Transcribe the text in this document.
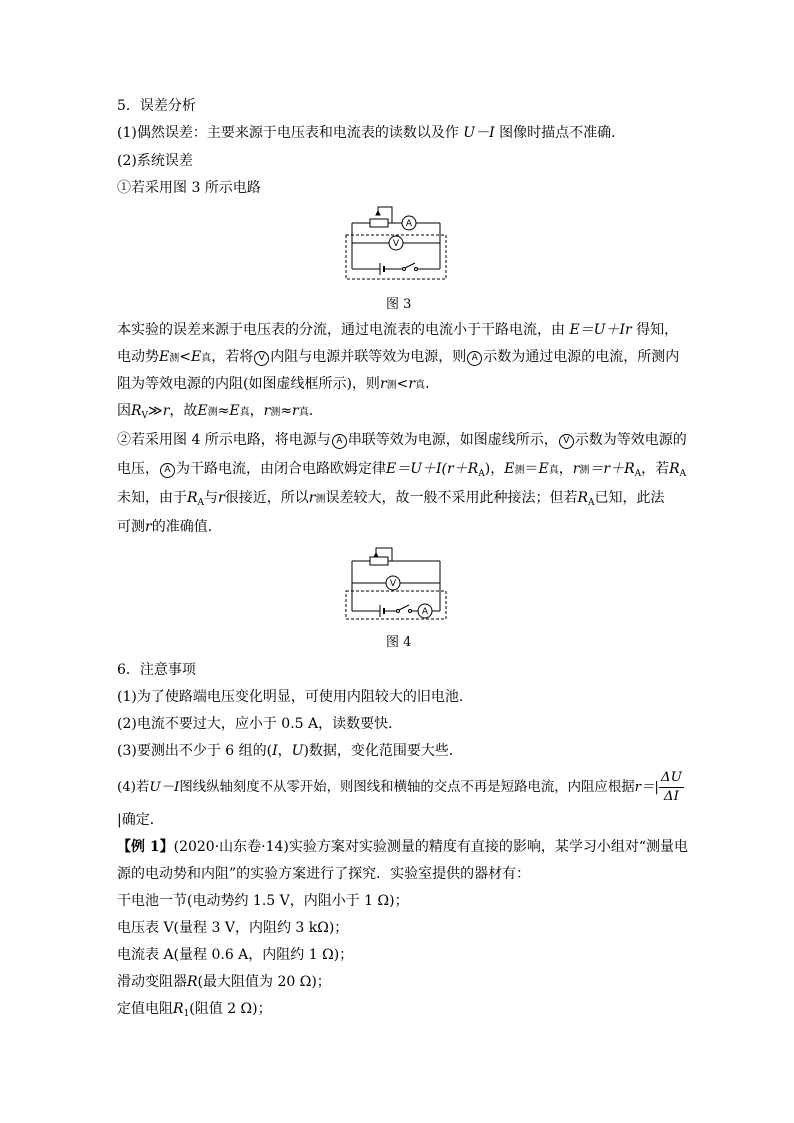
5．误差分析
(1)偶然误差：主要来源于电压表和电流表的读数以及作 U－I 图像时描点不准确．
(2)系统误差
①若采用图 3 所示电路
A
V
图 3
本实验的误差来源于电压表的分流，通过电流表的电流小于干路电流，由 E＝U＋Ir 得知，
电动势E测<E真，若将 V 内阻与电源并联等效为电源，则 A 示数为通过电源的电流，所测内
阻为等效电源的内阻(如图虚线框所示)，则r测<r真.
因$R_V≫r$，故E测≈E真，r测≈r真.
②若采用图 4 所示电路，将电源与 A 串联等效为电源，如图虚线所示， V 示数为等效电源的
电压， A 为干路电流，由闭合电路欧姆定律$E=U+I(r+R_A)$，E测＝E真，r测$=r+R_A$，若$R_A$
未知，由于$R_A$与r很接近，所以r测误差较大，故一般不采用此种接法；但若$R_A$已知，此法
可测r的准确值．
V
A
图 4
6．注意事项
(1)为了使路端电压变化明显，可使用内阻较大的旧电池．
(2)电流不要过大，应小于 0.5 A，读数要快．
(3)要测出不少于 6 组的(I，U)数据，变化范围要大些．
(4)若U－I图线纵轴刻度不从零开始，则图线和横轴的交点不再是短路电流，内阻应根据$r=| \frac{\Delta U}{\Delta I}$
|确定．
【例 1】(2020·山东卷·14)实验方案对实验测量的精度有直接的影响，某学习小组对“测量电
源的电动势和内阻”的实验方案进行了探究．实验室提供的器材有：
干电池一节(电动势约 1.5 V，内阻小于 1 Ω)；
电压表 V(量程 3 V，内阻约 3 kΩ)；
电流表 A(量程 0.6 A，内阻约 1 Ω)；
滑动变阻器R(最大阻值为 20 Ω)；
定值电阻$R_1$(阻值 2 Ω)；
